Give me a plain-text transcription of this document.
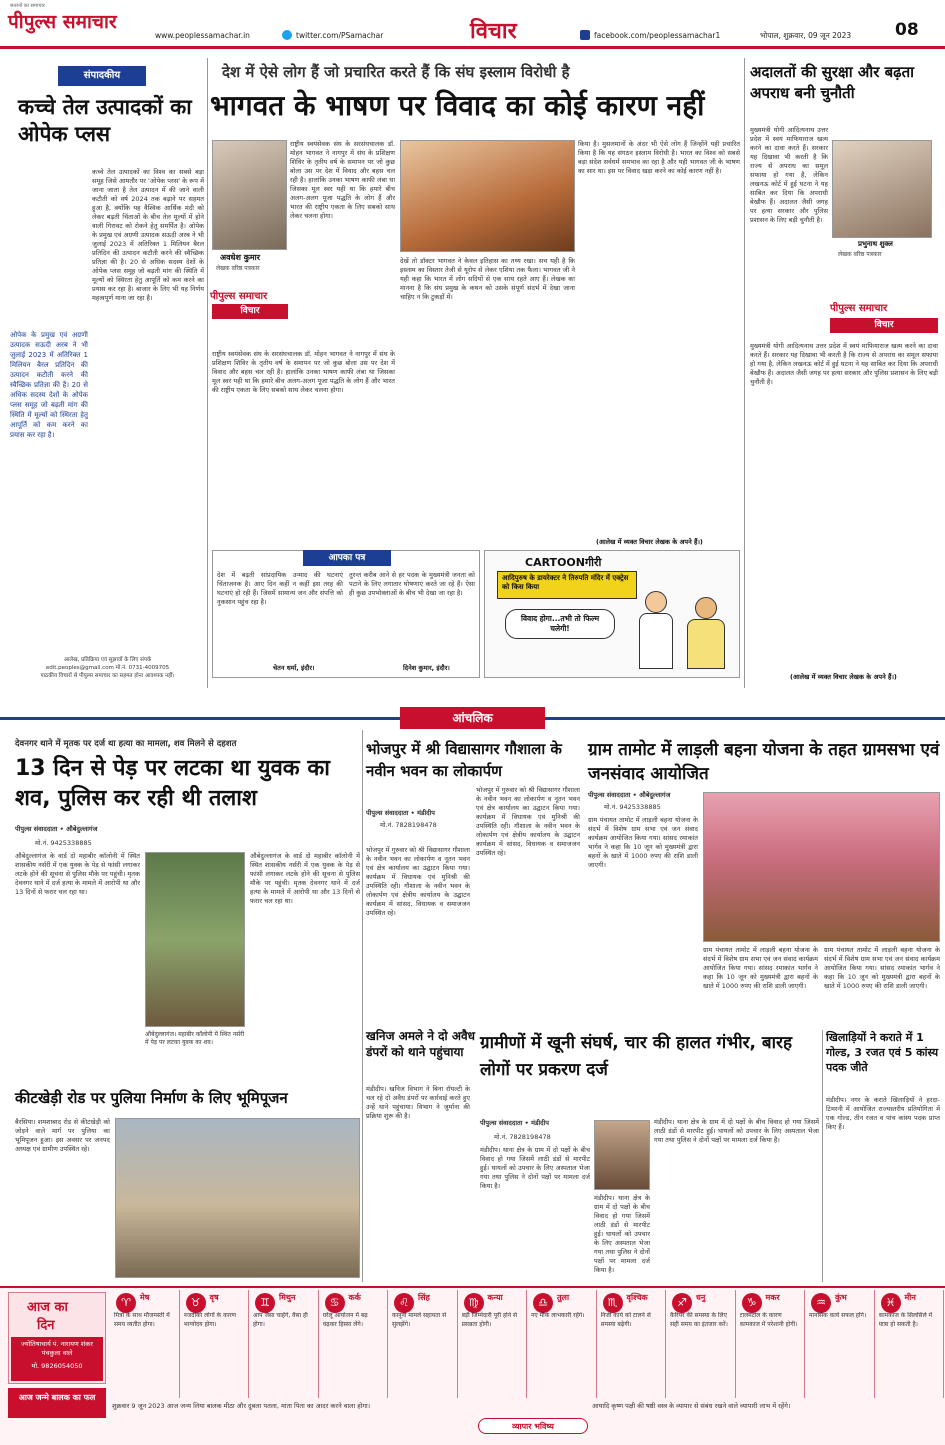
पीपुल्स समाचार
सतरनों का समाचार
www.peoplessamachar.in	twitter.com/PSamachar	विचार	facebook.com/peoplessamachar1	भोपाल, शुक्रवार, 09 जून 2023	08
संपादकीय
कच्चे तेल उत्पादकों का ओपेक प्लस
कच्चे तेल उत्पादकों का विश्व का सबसे बड़ा समूह जिसे आमतौर पर 'ओपेक प्लस' के रूप में जाना जाता है तेल उत्पादन में की जाने वाली कटौती को वर्ष 2024 तक बढ़ाने पर सहमत हुआ है, क्योंकि यह वैश्विक आर्थिक मंदी को लेकर बढ़ती चिंताओं के बीच तेल मूल्यों में होने वाली गिरावट को रोकने हेतु समर्पित है। ओपेक के प्रमुख एवं अग्रणी उत्पादक सऊदी अरब ने भी जुलाई 2023 में अतिरिक्त 1 मिलियन बैरल प्रतिदिन की उत्पादन कटौती करने की स्वैच्छिक प्रतिज्ञा की है। 20 से अधिक सदस्य देशों के ओपेक प्लस समूह जो बढ़ती मांग की स्थिति में मूल्यों को स्थिरता हेतु आपूर्ति को कम करने का प्रयास कर रहा है। बाजार के लिए भी यह निर्णय महत्वपूर्ण माना जा रहा है।
ओपेक के प्रमुख एवं अग्रणी उत्पादक सऊदी अरब ने भी जुलाई 2023 में अतिरिक्त 1 मिलियन बैरल प्रतिदिन की उत्पादन कटौती करने की स्वैच्छिक प्रतिज्ञा की है। 20 से अधिक सदस्य देशों के ओपेक प्लस समूह जो बढ़ती मांग की स्थिति में मूल्यों को स्थिरता हेतु आपूर्ति को कम करने का प्रयास कर रहा है।
आलेख, प्रतिक्रिया एवं सुझावों के लिए संपर्क
edit.peoples@gmail.com मो.नं. 0731-4009705
पाठकीय विचारों से पीपुल्स समाचार का सहमत होना आवश्यक नहीं।
देश में ऐसे लोग हैं जो प्रचारित करते हैं कि संघ इस्लाम विरोधी है
भागवत के भाषण पर विवाद का कोई कारण नहीं
अवधेश कुमार
लेखक वरिष्ठ पत्रकार
पीपुल्स समाचार
विचार
राष्ट्रीय स्वयंसेवक संघ के सरसंघचालक डॉ. मोहन भागवत ने नागपुर में संघ के प्रशिक्षण शिविर के तृतीय वर्ष के समापन पर जो कुछ बोला उस पर देश में विवाद और बहस चल रही है। हालांकि उनका भाषण काफी लंबा था जिसका मूल स्वर यही था कि हमारे बीच अलग-अलग पूजा पद्धति के लोग हैं और भारत की राष्ट्रीय एकता के लिए सबको साथ लेकर चलना होगा।
राष्ट्रीय स्वयंसेवक संघ के सरसंघचालक डॉ. मोहन भागवत ने नागपुर में संघ के प्रशिक्षण शिविर के तृतीय वर्ष के समापन पर जो कुछ बोला उस पर देश में विवाद और बहस चल रही है। हालांकि उनका भाषण काफी लंबा था जिसका मूल स्वर यही था कि हमारे बीच अलग-अलग पूजा पद्धति के लोग हैं और भारत की राष्ट्रीय एकता के लिए सबको साथ लेकर चलना होगा।
देखें तो डॉक्टर भागवत ने केवल इतिहास का तथ्य रखा। सच यही है कि इस्लाम का विस्तार तेजी से यूरोप से लेकर एशिया तक फैला। भागवत जी ने यही कहा कि भारत में लोग सदियों से एक साथ रहते आए हैं। लेखक का मानना है कि संघ प्रमुख के कथन को उसके संपूर्ण संदर्भ में देखा जाना चाहिए न कि टुकड़ों में।
किया है। मुसलमानों के अंदर भी ऐसे लोग हैं जिन्होंने यही प्रचारित किया है कि यह संगठन इस्लाम विरोधी है। भारत का विश्व को सबसे बड़ा संदेश सर्वधर्म समभाव का रहा है और यही भागवत जी के भाषण का सार था। इस पर विवाद खड़ा करने का कोई कारण नहीं है।
(आलेख में व्यक्त विचार लेखक के अपने हैं।)
आपका पत्र
देश में बढ़ती सांप्रदायिक उन्माद की घटनाएं चिंताजनक है। आए दिन कहीं न कहीं इस तरह की घटनाएं हो रही हैं। जिसमें सामान्य जन और संपत्ति को नुकसान पहुंच रहा है।
चेतन धर्मा, इंदौर।
तुरन्त करीब आने से हर पदक के मुख्यमंत्री जनता को पटाने के लिए लगातार घोषणाएं करते जा रहे हैं। ऐसा ही कुछ उपभोक्ताओं के बीच भी देखा जा रहा है।
दिनेश कुमार, इंदौर।
CARTOONगीरी
आदिपुरुष के डायरेक्टर ने तिरुपति मंदिर में एक्ट्रेस को किस किया
विवाद होगा...तभी तो फिल्म चलेगी!
अदालतों की सुरक्षा और बढ़ता अपराध बनी चुनौती
प्रभुनाथ शुक्ल
लेखक वरिष्ठ पत्रकार
पीपुल्स समाचार
विचार
मुख्यमंत्री योगी आदित्यनाथ उत्तर प्रदेश में स्वयं माफियाराज खत्म करने का दावा करते हैं। सरकार यह दिखावा भी करती है कि राज्य से अपराध का समूल सफाया हो गया है, लेकिन लखनऊ कोर्ट में हुई घटना ने यह साबित कर दिया कि अपराधी बेखौफ हैं। अदालत जैसी जगह पर हत्या सरकार और पुलिस प्रशासन के लिए बड़ी चुनौती है।
मुख्यमंत्री योगी आदित्यनाथ उत्तर प्रदेश में स्वयं माफियाराज खत्म करने का दावा करते हैं। सरकार यह दिखावा भी करती है कि राज्य से अपराध का समूल सफाया हो गया है, लेकिन लखनऊ कोर्ट में हुई घटना ने यह साबित कर दिया कि अपराधी बेखौफ हैं। अदालत जैसी जगह पर हत्या सरकार और पुलिस प्रशासन के लिए बड़ी चुनौती है।
(आलेख में व्यक्त विचार लेखक के अपने हैं।)
आंचलिक
देवनगर थाने में मृतक पर दर्ज था हत्या का मामला, शव मिलने से दहशत
13 दिन से पेड़ पर लटका था युवक का शव, पुलिस कर रही थी तलाश
पीपुल्स संवाददाता • औबेदुल्लागंज
मो.नं. 9425338885
औबेदुल्लागंज के वार्ड दो महाबीर कॉलोनी में स्थित शासकीय नर्सरी में एक युवक के पेड़ से फांसी लगाकर लटके होने की सूचना से पुलिस मौके पर पहुंची। मृतक देवनगर थाने में दर्ज हत्या के मामले में आरोपी था और 13 दिनों से फरार चल रहा था।
औबेदुल्लागंज। महाबीर कॉलोनी में स्थित नर्सरी में पेड़ पर लटका युवक का शव।
औबेदुल्लागंज के वार्ड दो महाबीर कॉलोनी में स्थित शासकीय नर्सरी में एक युवक के पेड़ से फांसी लगाकर लटके होने की सूचना से पुलिस मौके पर पहुंची। मृतक देवनगर थाने में दर्ज हत्या के मामले में आरोपी था और 13 दिनों से फरार चल रहा था।
कीटखेड़ी रोड पर पुलिया निर्माण के लिए भूमिपूजन
बैरसिया। शमशाबाद रोड से कीटखेड़ी को जोड़ने वाले मार्ग पर पुलिया का भूमिपूजन हुआ। इस अवसर पर जनपद अध्यक्ष एवं ग्रामीण उपस्थित रहे।
भोजपुर में श्री विद्यासागर गौशाला के नवीन भवन का लोकार्पण
पीपुल्स संवाददाता • मंडीदीप
मो.नं. 7828198478
भोजपुर में गुरुवार को श्री विद्यासागर गौशाला के नवीन भवन का लोकार्पण व नूतन भवन एवं क्षेत्र कार्यालय का उद्घाटन किया गया। कार्यक्रम में विधायक एवं मुनिश्री की उपस्थिति रही। गौशाला के नवीन भवन के लोकार्पण एवं क्षेत्रीय कार्यालय के उद्घाटन कार्यक्रम में सांसद, विधायक व समाजजन उपस्थित रहे।
भोजपुर में गुरुवार को श्री विद्यासागर गौशाला के नवीन भवन का लोकार्पण व नूतन भवन एवं क्षेत्र कार्यालय का उद्घाटन किया गया। कार्यक्रम में विधायक एवं मुनिश्री की उपस्थिति रही। गौशाला के नवीन भवन के लोकार्पण एवं क्षेत्रीय कार्यालय के उद्घाटन कार्यक्रम में सांसद, विधायक व समाजजन उपस्थित रहे।
खनिज अमले ने दो अवैध डंपरों को थाने पहुंचाया
मंडीदीप। खनिज विभाग ने बिना रॉयल्टी के चल रहे दो अवैध डंपरों पर कार्रवाई करते हुए उन्हें थाने पहुंचाया। विभाग ने जुर्माना की प्रक्रिया शुरू की है।
ग्राम तामोट में लाड़ली बहना योजना के तहत ग्रामसभा एवं जनसंवाद आयोजित
पीपुल्स संवाददाता • औबेदुल्लागंज
मो.नं. 9425338885
ग्राम पंचायत तामोट में लाड़ली बहना योजना के संदर्भ में विशेष ग्राम सभा एवं जन संवाद कार्यक्रम आयोजित किया गया। सांसद रमाकांत भार्गव ने कहा कि 10 जून को मुख्यमंत्री द्वारा बहनों के खाते में 1000 रुपए की राशि डाली जाएगी।
ग्राम पंचायत तामोट में लाड़ली बहना योजना के संदर्भ में विशेष ग्राम सभा एवं जन संवाद कार्यक्रम आयोजित किया गया। सांसद रमाकांत भार्गव ने कहा कि 10 जून को मुख्यमंत्री द्वारा बहनों के खाते में 1000 रुपए की राशि डाली जाएगी।
ग्राम पंचायत तामोट में लाड़ली बहना योजना के संदर्भ में विशेष ग्राम सभा एवं जन संवाद कार्यक्रम आयोजित किया गया। सांसद रमाकांत भार्गव ने कहा कि 10 जून को मुख्यमंत्री द्वारा बहनों के खाते में 1000 रुपए की राशि डाली जाएगी।
ग्रामीणों में खूनी संघर्ष, चार की हालत गंभीर, बारह लोगों पर प्रकरण दर्ज
पीपुल्स संवाददाता • मंडीदीप
मो.नं. 7828198478
मंडीदीप। थाना क्षेत्र के ग्राम में दो पक्षों के बीच विवाद हो गया जिसमें लाठी डंडों से मारपीट हुई। घायलों को उपचार के लिए अस्पताल भेजा गया तथा पुलिस ने दोनों पक्षों पर मामला दर्ज किया है।
मंडीदीप। थाना क्षेत्र के ग्राम में दो पक्षों के बीच विवाद हो गया जिसमें लाठी डंडों से मारपीट हुई। घायलों को उपचार के लिए अस्पताल भेजा गया तथा पुलिस ने दोनों पक्षों पर मामला दर्ज किया है।
मंडीदीप। थाना क्षेत्र के ग्राम में दो पक्षों के बीच विवाद हो गया जिसमें लाठी डंडों से मारपीट हुई। घायलों को उपचार के लिए अस्पताल भेजा गया तथा पुलिस ने दोनों पक्षों पर मामला दर्ज किया है।
खिलाड़ियों ने कराते में 1 गोल्ड, 3 रजत एवं 5 कांस्य पदक जीते
मंडीदीप। नगर के कराते खिलाड़ियों ने हरदा-टिमरनी में आयोजित राज्यस्तरीय प्रतियोगिता में एक गोल्ड, तीन रजत व पांच कांस्य पदक प्राप्त किए हैं।
आज का
दिन
ज्योतिषाचार्य पं. नारायण शंकर पंचकुला वाले
मो. 9826054050
♈	मेष
मित्रों के साथ मौजमस्ती में समय व्यतीत होगा।
♉	वृष
नजदीकी लोगों के कारण भाग्योदय होगा।
♊	मिथुन
आप जैसा चाहेंगे, वैसा ही होगा।
♋	कर्क
घरेलू आयोजन में बढ़ चढ़कर हिस्सा लेंगे।
♌	सिंह
कानूनी मामले सहायता से सुलझेंगे।
♍	कन्या
बड़ी जिम्मेदारी पूरी होने से प्रसन्नता होगी।
♎	तुला
नए मौके लाभकारी रहेंगे।
♏	वृश्चिक
निजी कार्य को टालने से समस्या बढ़ेगी।
♐	धनु
कैरियर की समस्या के लिए सही समय का इंतजार करें।
♑	मकर
टालमटोल के कारण कामकाज में परेशानी होगी।
♒	कुंभ
मानसिक कार्य सफल होंगे।
♓	मीन
कामकाज के सिलसिले में यात्रा हो सकती है।
आज जन्मे बालक का फल
शुक्रवार 9 जून 2023 आज जन्म लिया बालक मीठा और दुबला पतला, माता पिता का आदर करने वाला होगा।
व्यापार भविष्य
आयादि कृष्ण पक्षी की षष्ठी वस्त्र के व्यापार से संबंध रखने वाले व्यापारी लाभ में रहेंगे।
